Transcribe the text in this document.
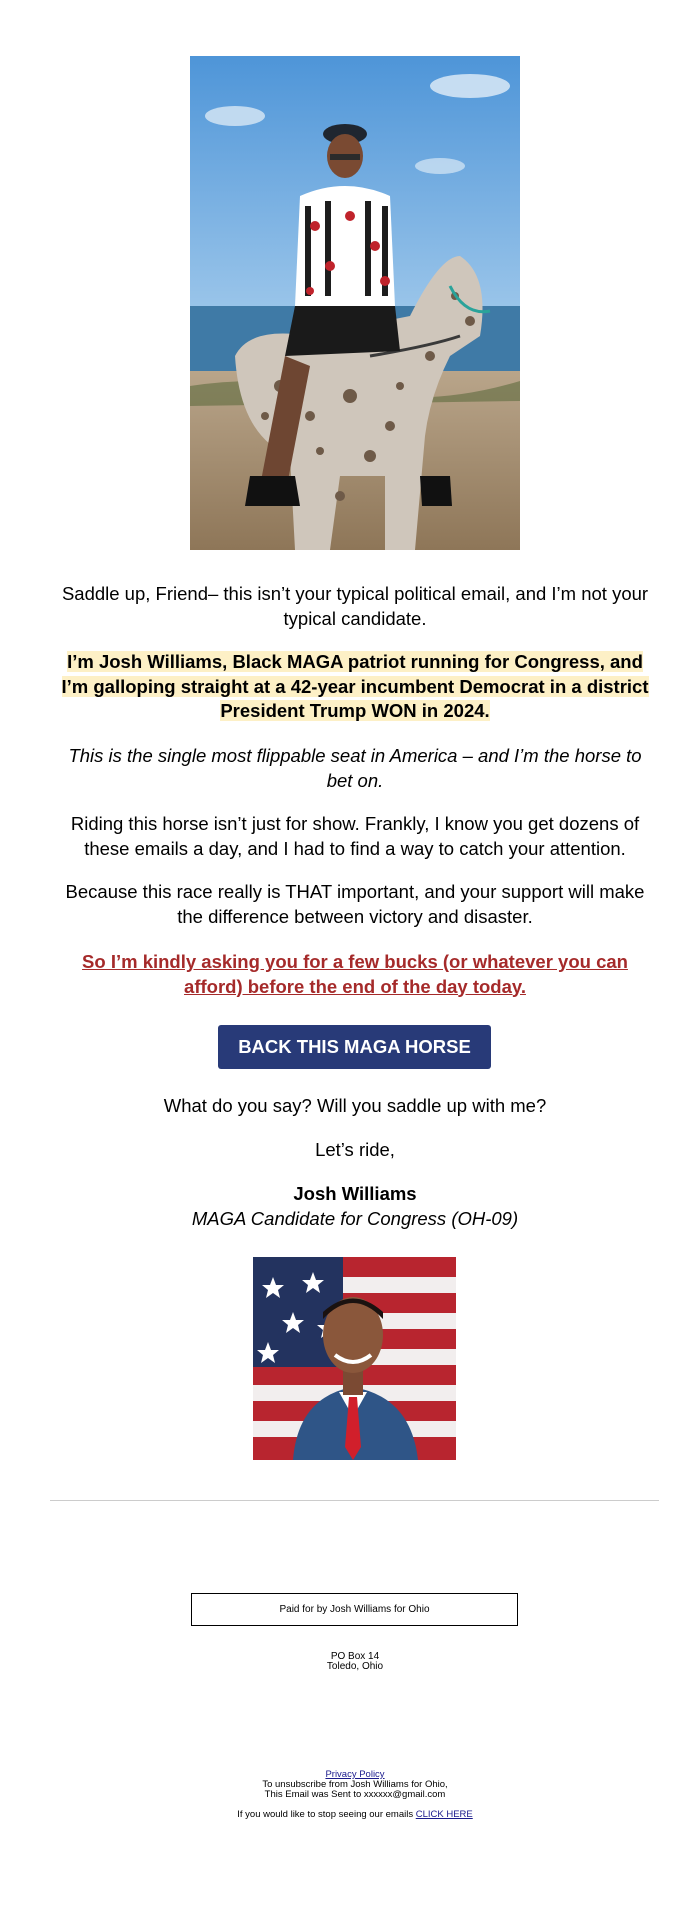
Saddle up, Friend– this isn’t your typical political email, and I’m not your typical candidate.
I’m Josh Williams, Black MAGA patriot running for Congress, and I’m galloping straight at a 42-year incumbent Democrat in a district President Trump WON in 2024.
This is the single most flippable seat in America – and I’m the horse to bet on.
Riding this horse isn’t just for show. Frankly, I know you get dozens of these emails a day, and I had to find a way to catch your attention.
Because this race really is THAT important, and your support will make the difference between victory and disaster.
So I’m kindly asking you for a few bucks (or whatever you can afford) before the end of the day today.
BACK THIS MAGA HORSE
What do you say? Will you saddle up with me?
Let’s ride,
Josh Williams
MAGA Candidate for Congress (OH-09)
Paid for by Josh Williams for Ohio
PO Box 14
Toledo, Ohio
Privacy Policy
To unsubscribe from Josh Williams for Ohio,
This Email was Sent to xxxxxx@gmail.com
If you would like to stop seeing our emails CLICK HERE
